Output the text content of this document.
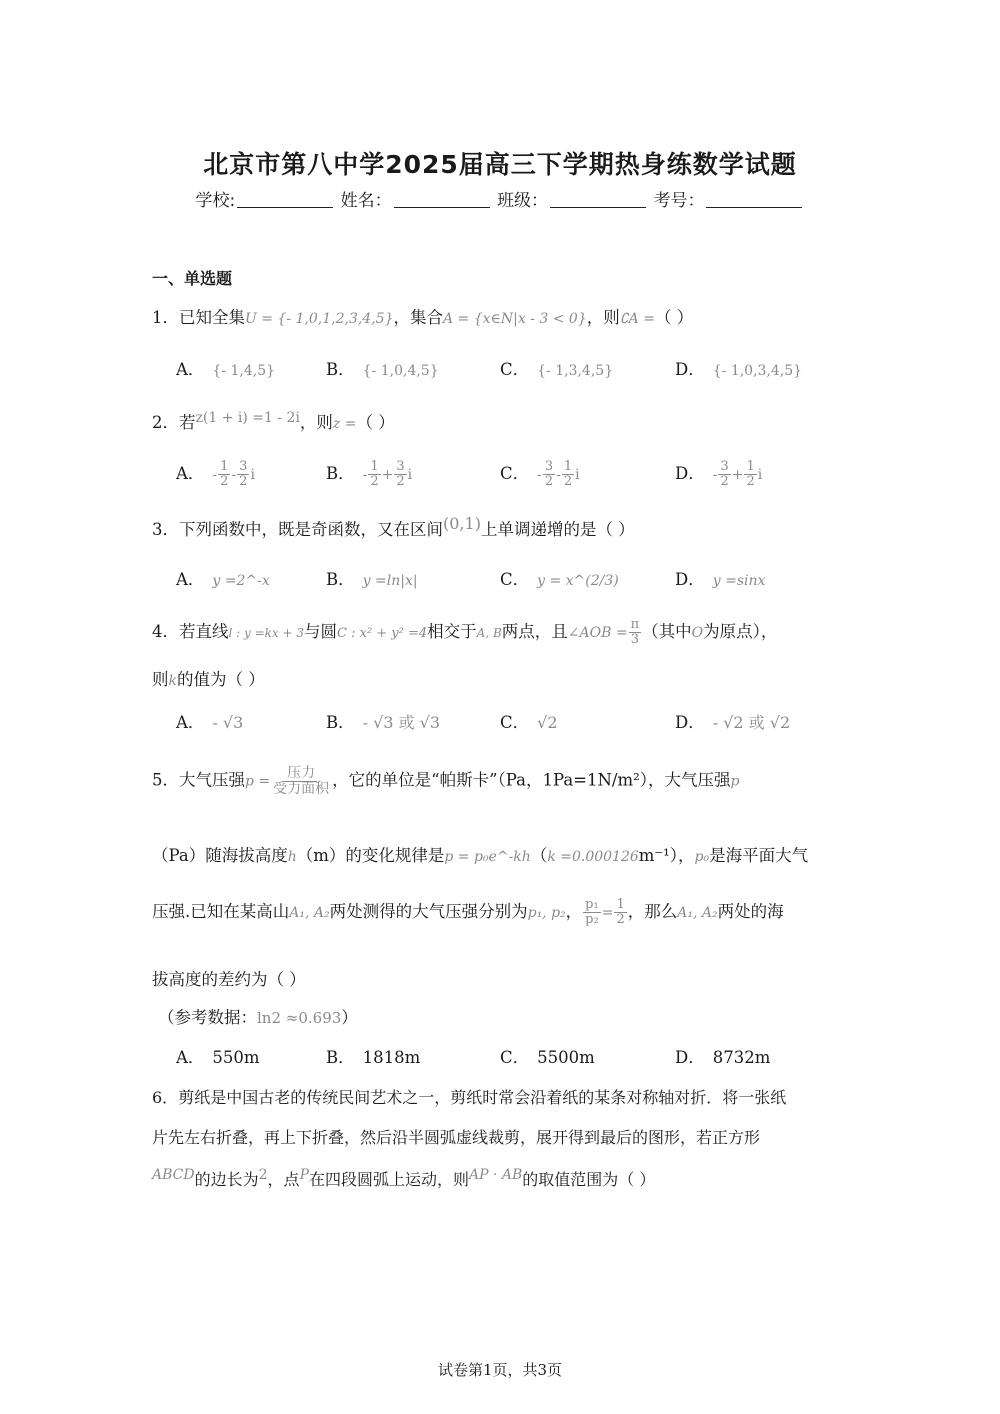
北京市第八中学2025届高三下学期热身练数学试题
学校:	姓名：	班级：	考号：
一、单选题
1．已知全集U = {- 1,0,1,2,3,4,5}，集合A = {x∈N|x - 3 < 0}，则∁A =（ ）
A． {- 1,4,5}	B． {- 1,0,4,5}	C． {- 1,3,4,5}	D． {- 1,0,3,4,5}
2．若$^{z(1 + i) =1 - 2i}$，则z =（ ）
A． - $\frac{1}{2} - \frac{3}{2}$ i	B． - $\frac{1}{2} + \frac{3}{2}$ i	C． - $\frac{3}{2} - \frac{1}{2}$ i	D． - $\frac{3}{2} + \frac{1}{2}$ i
3．下列函数中，既是奇函数，又在区间(0,1)上单调递增的是（ ）
A． y =2^-x	B． y =ln|x|	C． y = x^(2/3)	D． y =sinx
4．若直线l : y =kx + 3与圆C : x² + y² =4相交于A, B两点，且∠AOB = $\frac{\pi}{3}$ （其中O为原点），
则k的值为（ ）
A． - √3	B． - √3 或 √3	C． √2	D． - √2 或 √2
5．大气压强$p = \frac{\text{压力}}{\text{受力面积}}$ ，它的单位是“帕斯卡”（Pa，1Pa=1N/m²），大气压强p
（Pa）随海拔高度h（m）的变化规律是p = p₀e^-kh（k =0.000126m⁻¹），p₀是海平面大气
压强.已知在某高山A₁, A₂两处测得的大气压强分别为p₁, p₂， $\frac{\text{p₁}}{\text{p₂}} = \frac{1}{2}$ ，那么A₁, A₂两处的海
拔高度的差约为（ ）
（参考数据：ln2 ≈0.693）
A． 550m	B． 1818m	C． 5500m	D． 8732m
6．剪纸是中国古老的传统民间艺术之一，剪纸时常会沿着纸的某条对称轴对折．将一张纸
片先左右折叠，再上下折叠，然后沿半圆弧虚线裁剪，展开得到最后的图形，若正方形
ABCD的边长为2，点P在四段圆弧上运动，则AP · AB的取值范围为（ ）
试卷第1页，共3页
